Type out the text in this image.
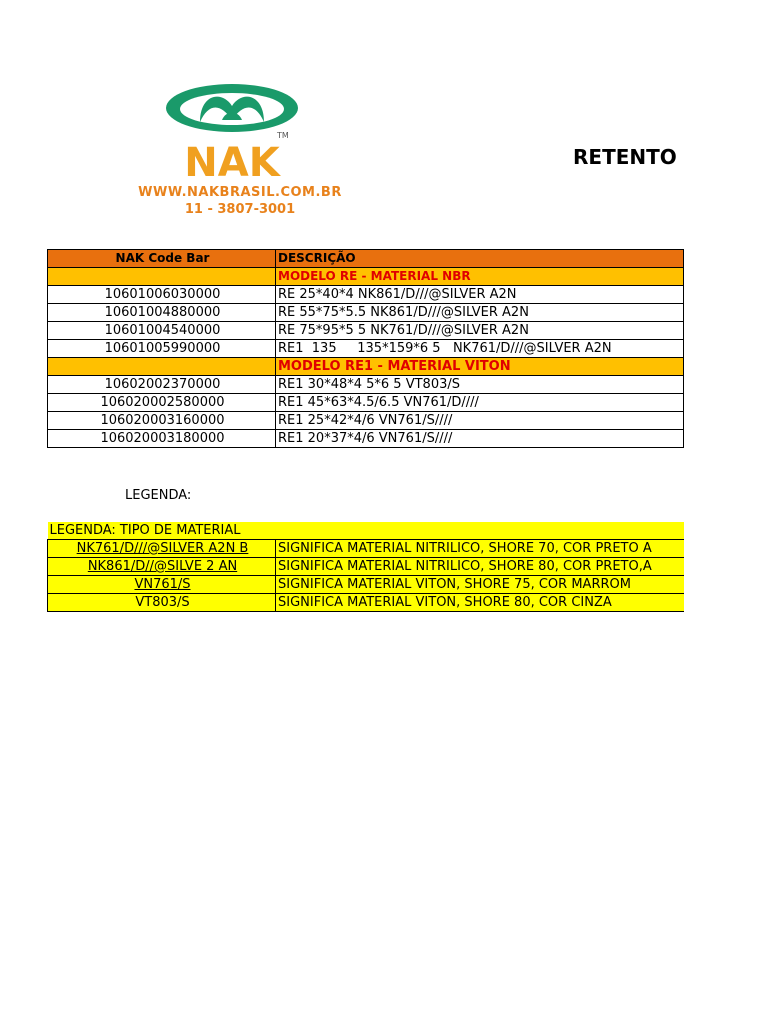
TM
NAK
WWW.NAKBRASIL.COM.BR
11 - 3807-3001
RETENTO
NAK Code Bar	DESCRIÇÃO
	MODELO RE - MATERIAL NBR
10601006030000	RE 25*40*4 NK861/D///@SILVER A2N
10601004880000	RE 55*75*5.5 NK861/D///@SILVER A2N
10601004540000	RE 75*95*5 5 NK761/D///@SILVER A2N
10601005990000	RE1  135     135*159*6 5   NK761/D///@SILVER A2N
	MODELO RE1 - MATERIAL VITON
10602002370000	RE1 30*48*4 5*6 5 VT803/S
106020002580000	RE1 45*63*4.5/6.5 VN761/D////
106020003160000	RE1 25*42*4/6 VN761/S////
106020003180000	RE1 20*37*4/6 VN761/S////
LEGENDA:
LEGENDA: TIPO DE MATERIAL	
NK761/D///@SILVER A2N B	SIGNIFICA MATERIAL NITRILICO, SHORE 70, COR PRETO A
NK861/D//@SILVE 2 AN	SIGNIFICA MATERIAL NITRILICO, SHORE 80, COR PRETO,A
VN761/S	SIGNIFICA MATERIAL VITON, SHORE 75, COR MARROM
VT803/S	SIGNIFICA MATERIAL VITON, SHORE 80, COR CINZA
